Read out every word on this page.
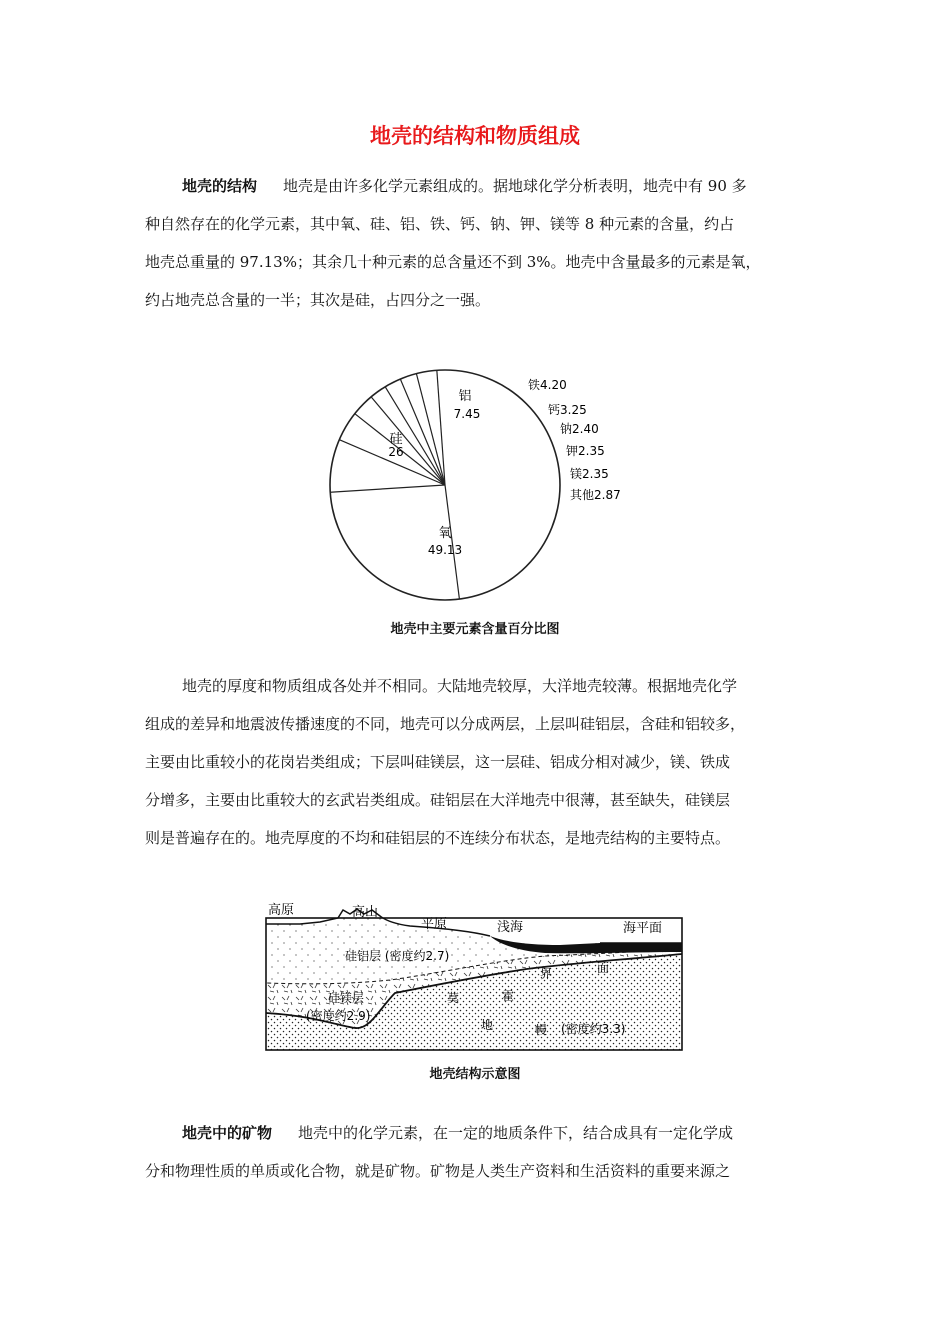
地壳的结构和物质组成
地壳的结构 地壳是由许多化学元素组成的。据地球化学分析表明，地壳中有 90 多
种自然存在的化学元素，其中氧、硅、铝、铁、钙、钠、钾、镁等 8 种元素的含量，约占
地壳总重量的 97.13%；其余几十种元素的总含量还不到 3%。地壳中含量最多的元素是氧，
约占地壳总含量的一半；其次是硅，占四分之一强。
氧
49.13
硅
26
铝
7.45
铁4.20
钙3.25
钠2.40
钾2.35
镁2.35
其他2.87
地壳中主要元素含量百分比图
地壳的厚度和物质组成各处并不相同。大陆地壳较厚，大洋地壳较薄。根据地壳化学
组成的差异和地震波传播速度的不同，地壳可以分成两层，上层叫硅铝层，含硅和铝较多，
主要由比重较小的花岗岩类组成；下层叫硅镁层，这一层硅、铝成分相对减少，镁、铁成
分增多，主要由比重较大的玄武岩类组成。硅铝层在大洋地壳中很薄，甚至缺失，硅镁层
则是普遍存在的。地壳厚度的不均和硅铝层的不连续分布状态，是地壳结构的主要特点。
高原	高山
平原	浅海	海平面
硅铝层 (密度约2.7)
界	面
硅镁层
(密度约2.9)
莫	霍
地	幔 (密度约3.3)
地壳结构示意图
地壳中的矿物 地壳中的化学元素，在一定的地质条件下，结合成具有一定化学成
分和物理性质的单质或化合物，就是矿物。矿物是人类生产资料和生活资料的重要来源之
